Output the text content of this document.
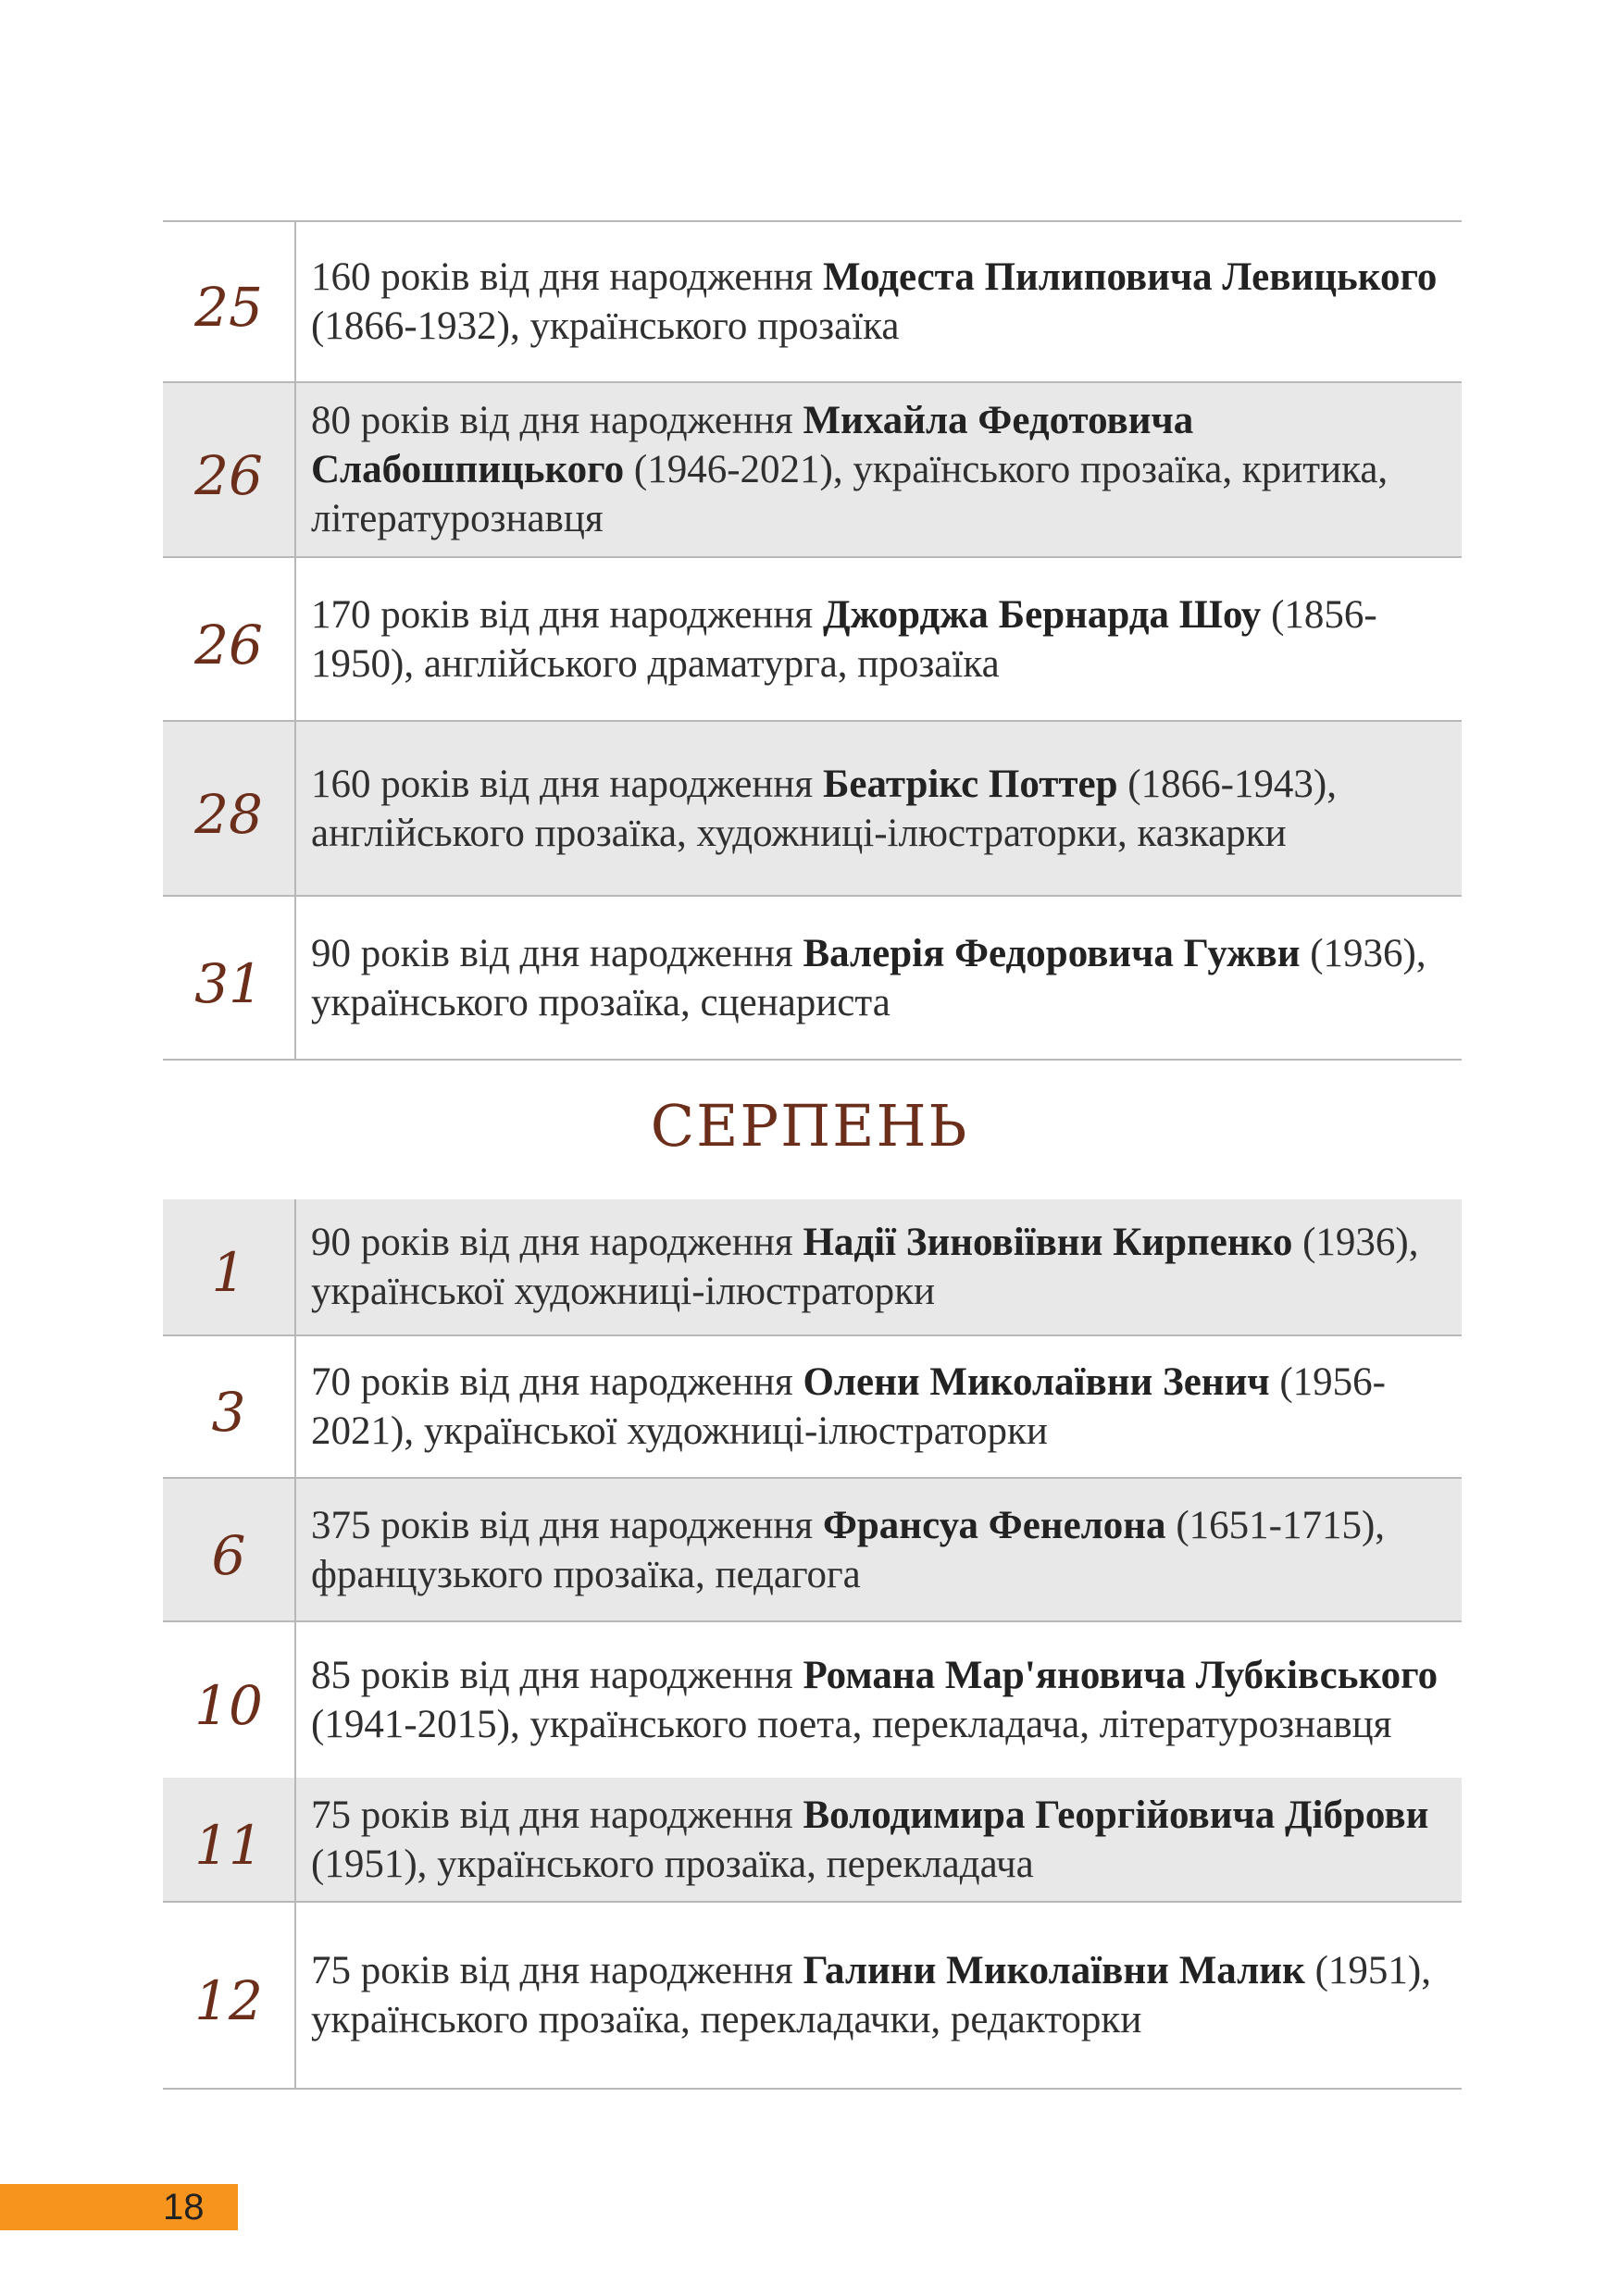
25 160 років від дня народження Модеста Пилиповича Левицького (1866-1932), українського прозаїка
26
80 років від дня народження Михайла Федотовича Слабошпицького (1946-2021), українського прозаїка, критика, літературознавця
26 170 років від дня народження Джорджа Бернарда Шоу (1856-1950), англійського драматурга, прозаїка
28 160 років від дня народження Беатрікс Поттер (1866-1943), англійського прозаїка, художниці-ілюстраторки, казкарки
31 90 років від дня народження Валерія Федоровича Гужви (1936), українського прозаїка, сценариста
СЕРПЕНЬ
1 90 років від дня народження Надії Зиновіївни Кирпенко (1936), української художниці-ілюстраторки
3 70 років від дня народження Олени Миколаївни Зенич (1956-2021), української художниці-ілюстраторки
6 375 років від дня народження Франсуа Фенелона (1651-1715), французького прозаїка, педагога
10 85 років від дня народження Романа Мар'яновича Лубківського (1941-2015), українського поета, перекладача, літературознавця
11 75 років від дня народження Володимира Георгійовича Діброви (1951), українського прозаїка, перекладача
12 75 років від дня народження Галини Миколаївни Малик (1951), українського прозаїка, перекладачки, редакторки
18
